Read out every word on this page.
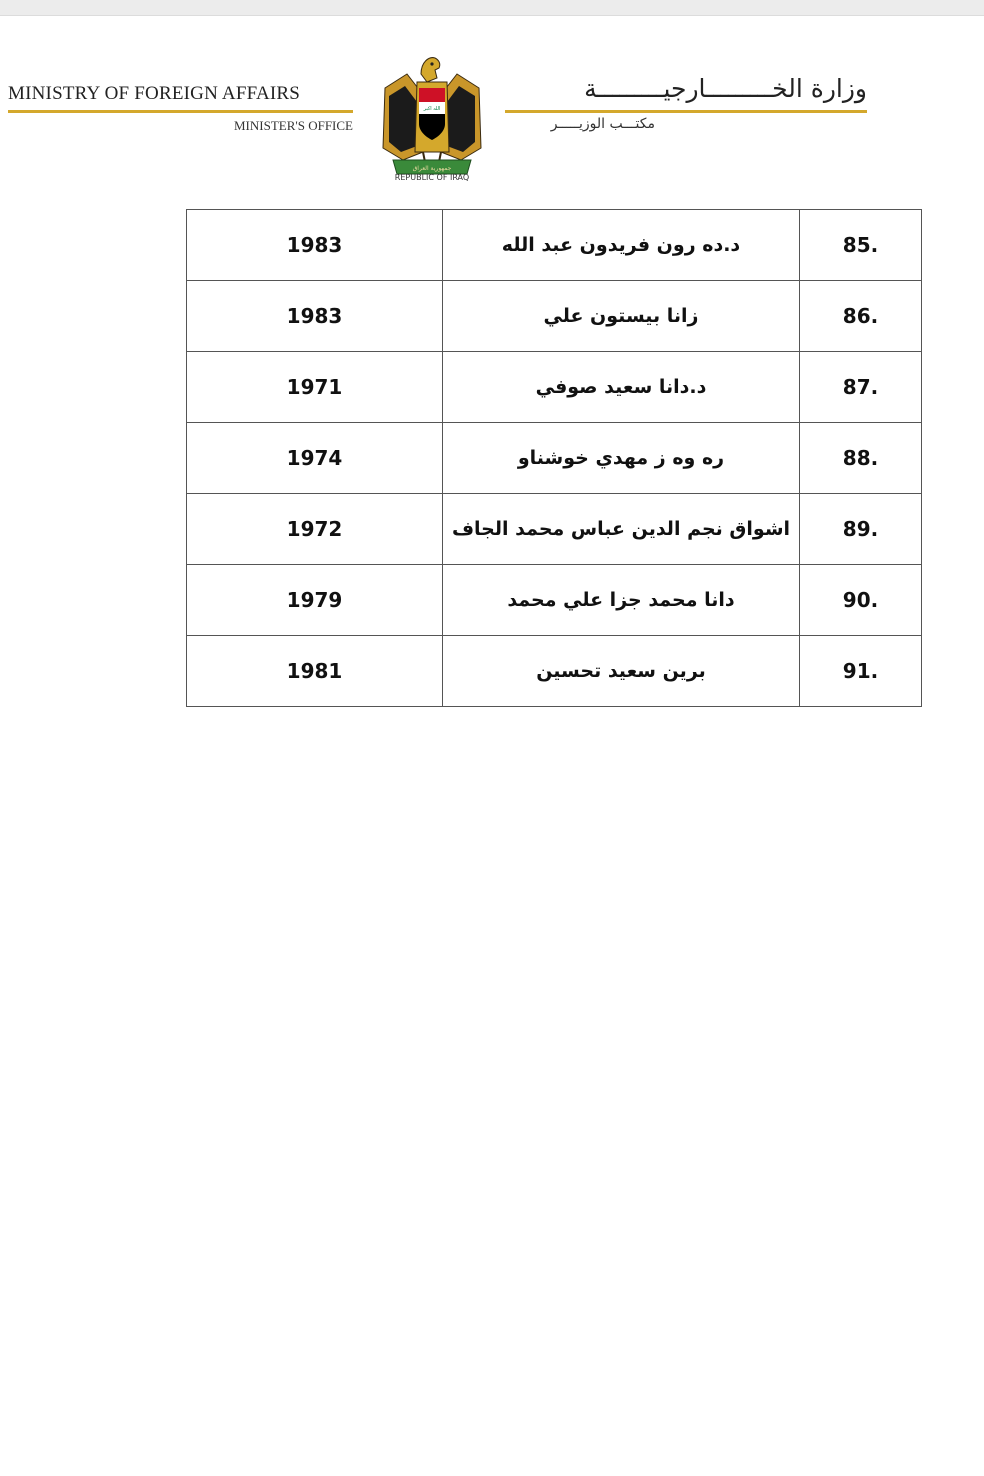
MINISTRY OF FOREIGN AFFAIRS
MINISTER'S OFFICE
الله اكبر
جمهورية العراق
REPUBLIC OF IRAQ
وزارة الخـــــــــارجيـــــــــة
مكتـــب الوزيـــــر
1983	د.ده رون فريدون عبد الله	85.
1983	زانا بيستون علي	86.
1971	د.دانا سعيد صوفي	87.
1974	ره وه ز مهدي خوشناو	88.
1972	اشواق نجم الدين عباس محمد الجاف	89.
1979	دانا محمد جزا علي محمد	90.
1981	برين سعيد تحسين	91.
